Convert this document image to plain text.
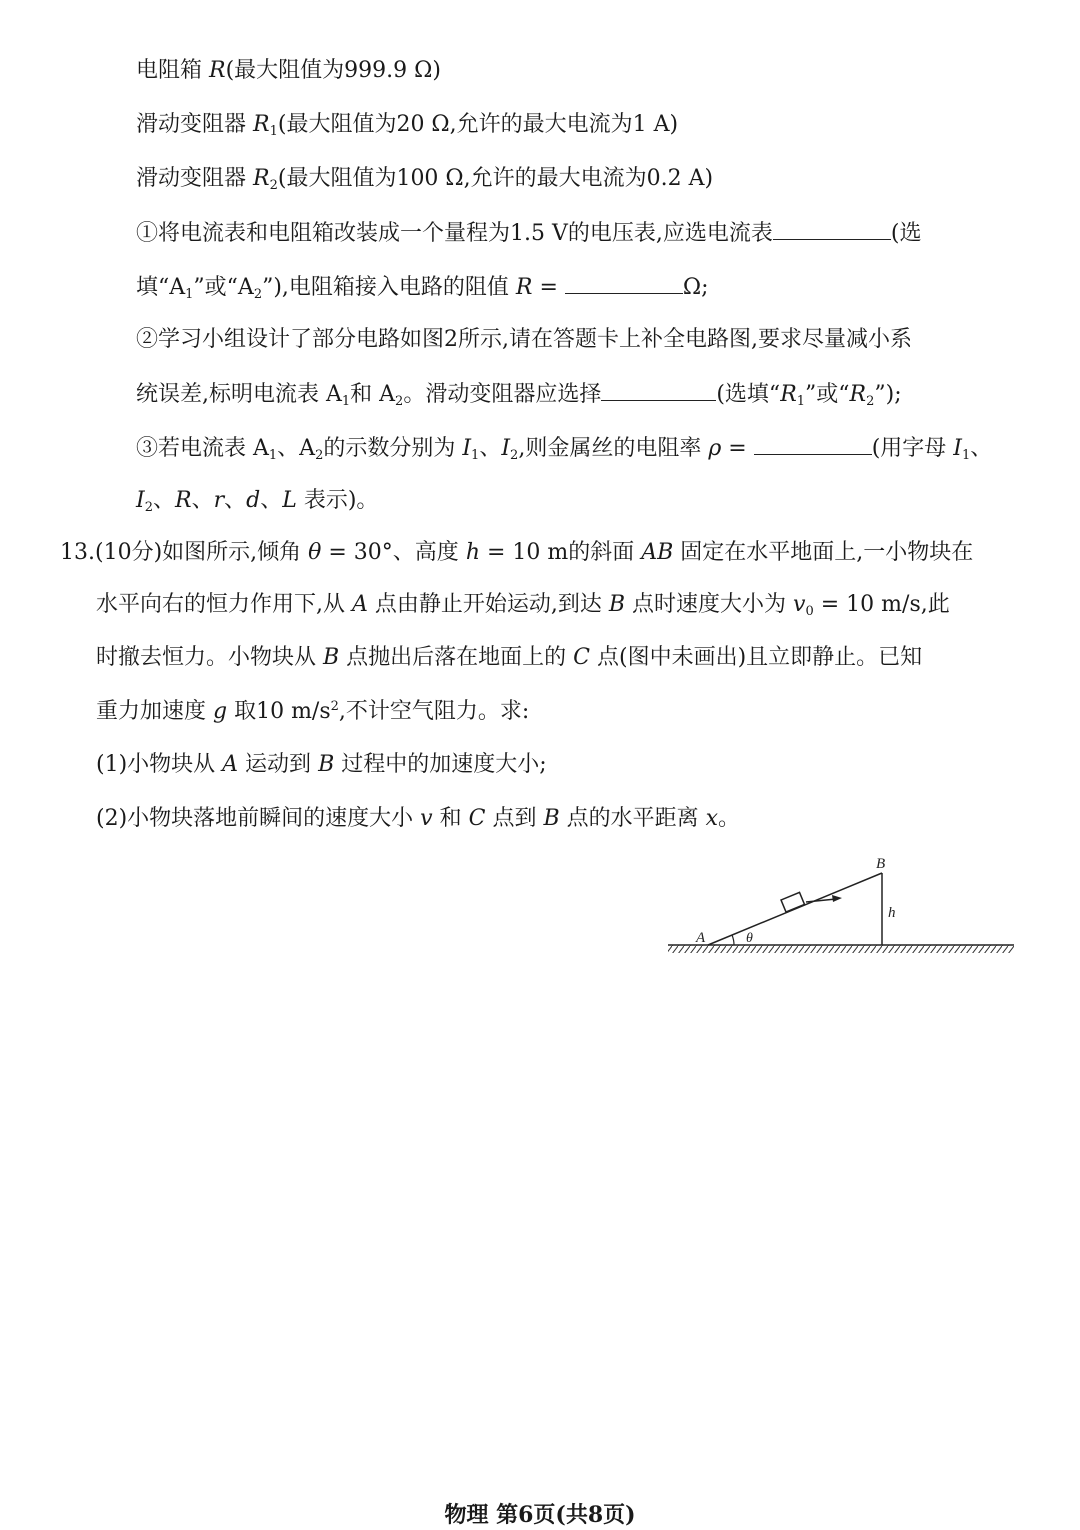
电阻箱 R(最大阻值为999.9 Ω)
滑动变阻器 $R_1$(最大阻值为20 Ω,允许的最大电流为1 A)
滑动变阻器 $R_2$(最大阻值为100 Ω,允许的最大电流为0.2 A)
①将电流表和电阻箱改装成一个量程为1.5 V的电压表,应选电流表	(选
填“$A_1$”或“$A_2$”),电阻箱接入电路的阻值 R =	Ω;
②学习小组设计了部分电路如图2所示,请在答题卡上补全电路图,要求尽量减小系
统误差,标明电流表 $A_1$和 $A_2$。滑动变阻器应选择	(选填“$R_1$”或“$R_2$”);
③若电流表 $A_1$、$A_2$的示数分别为 $I_1$、$I_2$,则金属丝的电阻率 ρ =	(用字母 $I_1$、
$I_2$、R、r、d、L 表示)。
13.(10分)如图所示,倾角 θ = 30°、高度 h = 10 m的斜面 AB 固定在水平地面上,一小物块在
水平向右的恒力作用下,从 A 点由静止开始运动,到达 B 点时速度大小为 $v_0 = 10$ m/s,此
时撤去恒力。小物块从 B 点抛出后落在地面上的 C 点(图中未画出)且立即静止。已知
重力加速度 g 取10 $m/s^2$,不计空气阻力。求:
(1)小物块从 A 运动到 B 过程中的加速度大小;
(2)小物块落地前瞬间的速度大小 v 和 C 点到 B 点的水平距离 x。
A
B
h
θ
物理 第6页(共8页)
